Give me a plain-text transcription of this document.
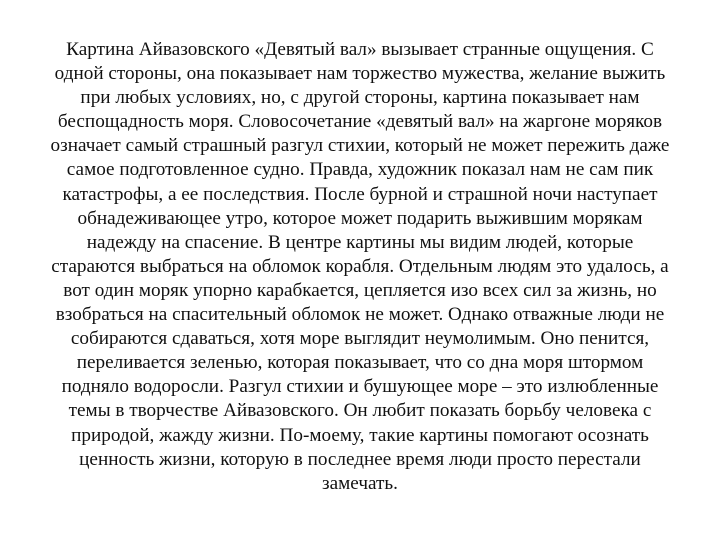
Картина Айвазовского «Девятый вал» вызывает странные ощущения. С
одной стороны, она показывает нам торжество мужества, желание выжить
при любых условиях, но, с другой стороны, картина показывает нам
беспощадность моря. Словосочетание «девятый вал» на жаргоне моряков
означает самый страшный разгул стихии, который не может пережить даже
самое подготовленное судно. Правда, художник показал нам не сам пик
катастрофы, а ее последствия. После бурной и страшной ночи наступает
обнадеживающее утро, которое может подарить выжившим морякам
надежду на спасение. В центре картины мы видим людей, которые
стараются выбраться на обломок корабля. Отдельным людям это удалось, а
вот один моряк упорно карабкается, цепляется изо всех сил за жизнь, но
взобраться на спасительный обломок не может. Однако отважные люди не
собираются сдаваться, хотя море выглядит неумолимым. Оно пенится,
переливается зеленью, которая показывает, что со дна моря штормом
подняло водоросли. Разгул стихии и бушующее море – это излюбленные
темы в творчестве Айвазовского. Он любит показать борьбу человека с
природой, жажду жизни. По-моему, такие картины помогают осознать
ценность жизни, которую в последнее время люди просто перестали
замечать.
